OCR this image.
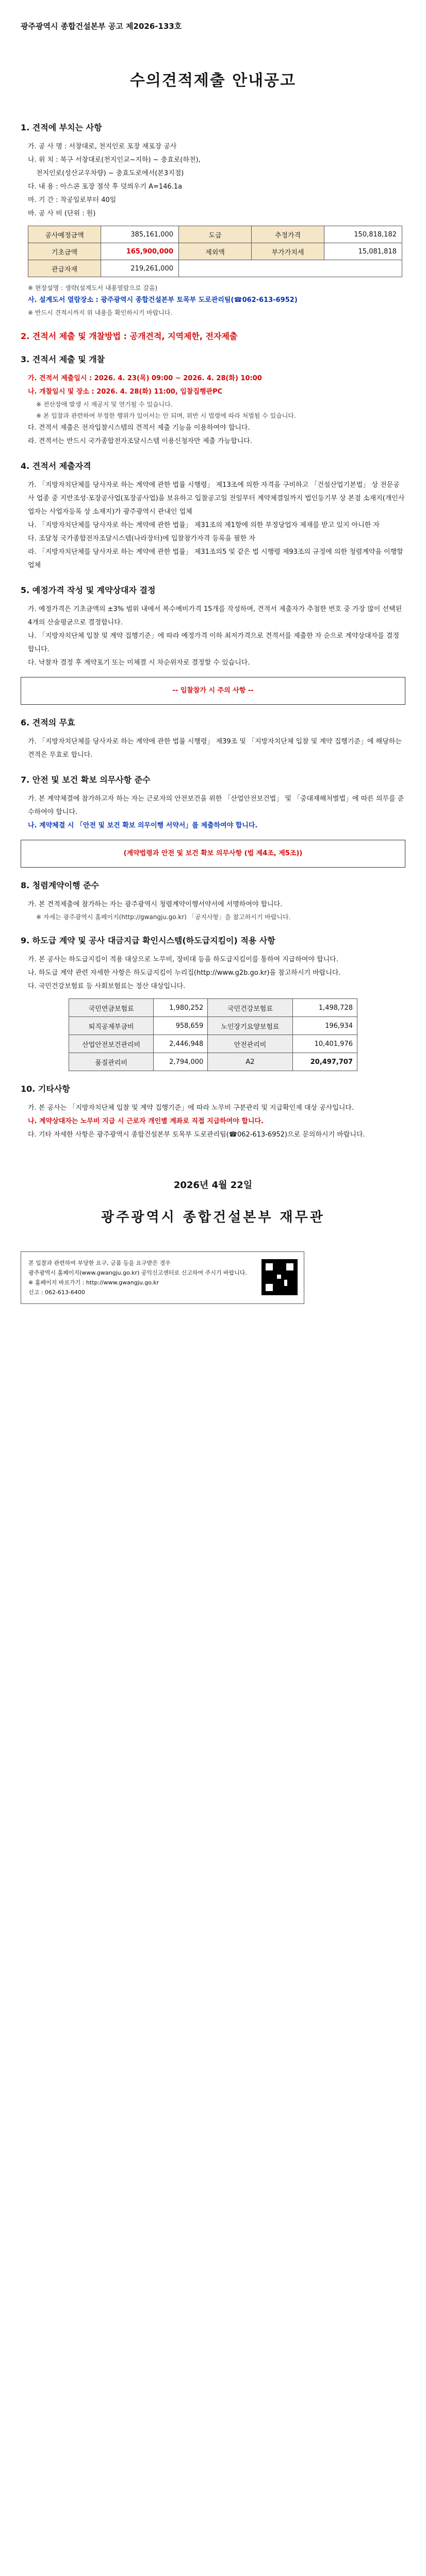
광주광역시 종합건설본부 공고 제2026-133호
수의견적제출 안내공고
1. 견적에 부치는 사항

가. 공 사 명 : 서창대로, 천지인로 포장 재포장 공사

나. 위 치 : 북구 서창대로(천지인교~지하) ~ 충효로(하천),

천지인로(성산교우차량) ~ 충효도로에서(본3지점)

다. 내 용 : 아스콘 포장 절삭 후 덧씌우기 A=146.1a

마. 기 간 : 착공일로부터 40일

바. 공 사 비 (단위 : 원)

공사예정금액	385,161,000	도급	추정가격	150,818,182
기초금액	165,900,000	제외액	부가가치세	15,081,818
관급자재	219,261,000			

※ 현장설명 : 생략(설계도서 내용열람으로 갈음)

사. 설계도서 열람장소 : 광주광역시 종합건설본부 토목부 도로관리팀(☎062-613-6952)

※ 반드시 견적시까지 위 내용을 확인하시기 바랍니다.

2. 견적서 제출 및 개찰방법 : 공개견적, 지역제한, 전자제출
3. 견적서 제출 및 개찰

가. 견적서 제출일시 : 2026. 4. 23(목) 09:00 ~ 2026. 4. 28(화) 10:00

나. 개찰일시 및 장소 : 2026. 4. 28(화) 11:00, 입찰집행관PC

※ 전산장애 발생 시 재공지 및 연기될 수 있습니다.

※ 본 입찰과 관련하여 부정한 행위가 있어서는 안 되며, 위반 시 법령에 따라 처벌될 수 있습니다.

다. 견적서 제출은 전자입찰시스템의 견적서 제출 기능을 이용하여야 합니다.

라. 견적서는 반드시 국가종합전자조달시스템 이용신청자만 제출 가능합니다.

4. 견적서 제출자격

가. 「지방자치단체를 당사자로 하는 계약에 관한 법률 시행령」 제13조에 의한 자격을 구비하고 「건설산업기본법」 상 전문공사 업종 중 지반조성·포장공사업(포장공사업)을 보유하고 입찰공고일 전일부터 계약체결일까지 법인등기부 상 본점 소재지(개인사업자는 사업자등록 상 소재지)가 광주광역시 관내인 업체

나. 「지방자치단체를 당사자로 하는 계약에 관한 법률」 제31조의 제1항에 의한 부정당업자 제재를 받고 있지 아니한 자

다. 조달청 국가종합전자조달시스템(나라장터)에 입찰참가자격 등록을 필한 자

라. 「지방자치단체를 당사자로 하는 계약에 관한 법률」 제31조의5 및 같은 법 시행령 제93조의 규정에 의한 청렴계약을 이행할 업체

5. 예정가격 작성 및 계약상대자 결정

가. 예정가격은 기초금액의 ±3% 범위 내에서 복수예비가격 15개를 작성하며, 견적서 제출자가 추첨한 번호 중 가장 많이 선택된 4개의 산술평균으로 결정합니다.

나. 「지방자치단체 입찰 및 계약 집행기준」에 따라 예정가격 이하 최저가격으로 견적서를 제출한 자 순으로 계약상대자를 결정합니다.

다. 낙찰자 결정 후 계약포기 또는 미체결 시 차순위자로 결정할 수 있습니다.

-- 입찰참가 시 주의 사항 --

6. 견적의 무효

가. 「지방자치단체를 당사자로 하는 계약에 관한 법률 시행령」 제39조 및 「지방자치단체 입찰 및 계약 집행기준」에 해당하는 견적은 무효로 합니다.

7. 안전 및 보건 확보 의무사항 준수

가. 본 계약체결에 참가하고자 하는 자는 근로자의 안전보건을 위한 「산업안전보건법」 및 「중대재해처벌법」에 따른 의무를 준수하여야 합니다.

나. 계약체결 시 「안전 및 보건 확보 의무이행 서약서」를 제출하여야 합니다.

(계약법령과 안전 및 보건 확보 의무사항 (법 제4조, 제5조))

8. 청렴계약이행 준수

가. 본 견적제출에 참가하는 자는 광주광역시 청렴계약이행서약서에 서명하여야 합니다.

※ 자세는 광주광역시 홈페이지(http://gwangju.go.kr) 「공지사항」을 참고하시기 바랍니다.

9. 하도급 계약 및 공사 대금지급 확인시스템(하도급지킴이) 적용 사항

가. 본 공사는 하도급지킴이 적용 대상으로 노무비, 장비대 등을 하도급지킴이를 통하여 지급하여야 합니다.

나. 하도급 계약 관련 자세한 사항은 하도급지킴이 누리집(http://www.g2b.go.kr)을 참고하시기 바랍니다.

다. 국민건강보험료 등 사회보험료는 정산 대상입니다.

국민연금보험료	1,980,252	국민건강보험료	1,498,728
퇴직공제부금비	958,659	노인장기요양보험료	196,934
산업안전보건관리비	2,446,948	안전관리비	10,401,976
품질관리비	2,794,000	A2	20,497,707
10. 기타사항

가. 본 공사는 「지방자치단체 입찰 및 계약 집행기준」에 따라 노무비 구분관리 및 지급확인제 대상 공사입니다.

나. 계약상대자는 노무비 지급 시 근로자 개인별 계좌로 직접 지급하여야 합니다.

다. 기타 자세한 사항은 광주광역시 종합건설본부 토목부 도로관리팀(☎062-613-6952)으로 문의하시기 바랍니다.

2026년 4월 22일
광주광역시 종합건설본부 재무관

본 입찰과 관련하여 부당한 요구, 금품 등을 요구받은 경우

광주광역시 홈페이지(www.gwangju.go.kr) 공익신고센터로 신고하여 주시기 바랍니다.

※ 홈페이지 바로가기 : http://www.gwangju.go.kr

신고 : 062-613-6400
